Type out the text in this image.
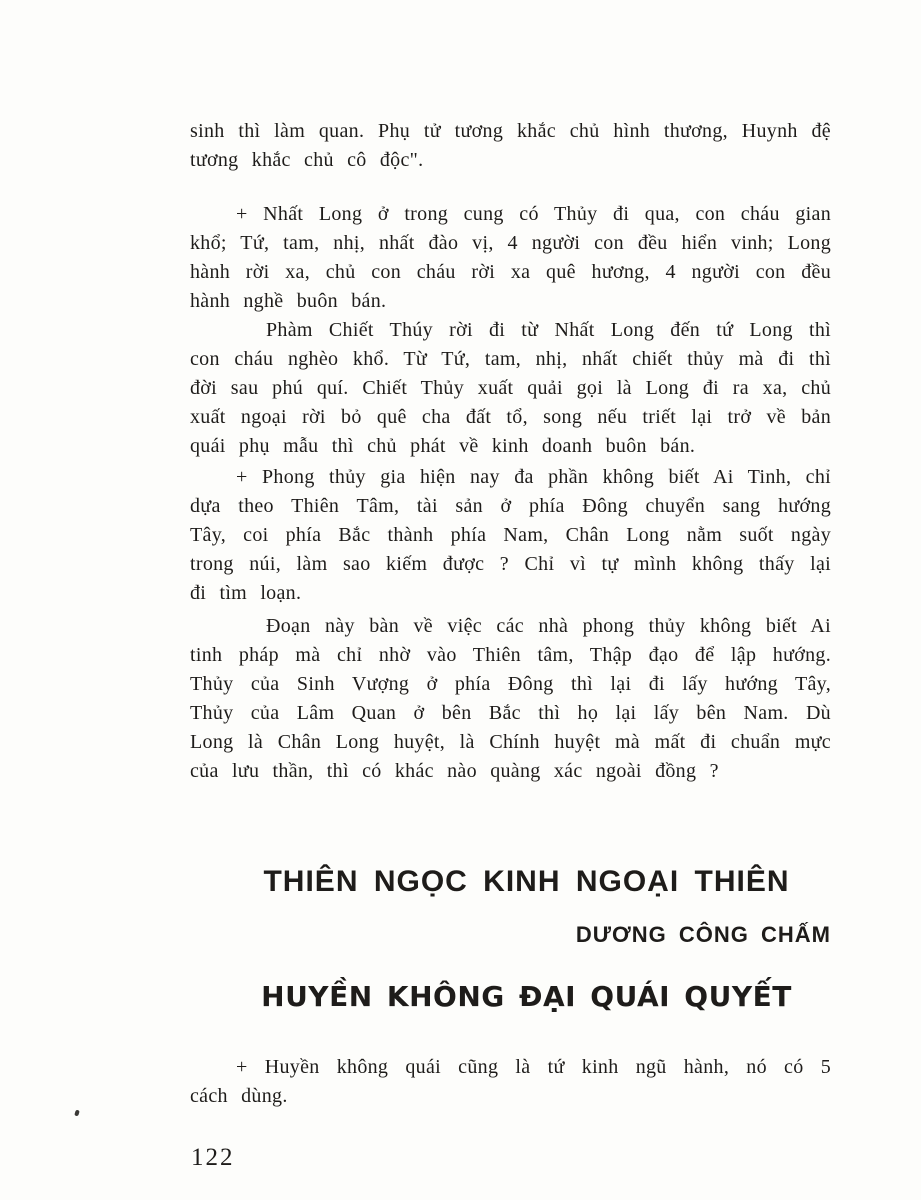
sinh thì làm quan. Phụ tử tương khắc chủ hình thương, Huynh đệ tương khắc chủ cô độc".

+ Nhất Long ở trong cung có Thủy đi qua, con cháu gian khổ; Tứ, tam, nhị, nhất đào vị, 4 người con đều hiển vinh; Long hành rời xa, chủ con cháu rời xa quê hương, 4 người con đều hành nghề buôn bán.

Phàm Chiết Thúy rời đi từ Nhất Long đến tứ Long thì con cháu nghèo khổ. Từ Tứ, tam, nhị, nhất chiết thủy mà đi thì đời sau phú quí. Chiết Thủy xuất quải gọi là Long đi ra xa, chủ xuất ngoại rời bỏ quê cha đất tổ, song nếu triết lại trở về bản quái phụ mẫu thì chủ phát về kinh doanh buôn bán.

+ Phong thủy gia hiện nay đa phần không biết Ai Tinh, chỉ dựa theo Thiên Tâm, tài sản ở phía Đông chuyển sang hướng Tây, coi phía Bắc thành phía Nam, Chân Long nằm suốt ngày trong núi, làm sao kiếm được ? Chỉ vì tự mình không thấy lại đi tìm loạn.

Đoạn này bàn về việc các nhà phong thủy không biết Ai tinh pháp mà chỉ nhờ vào Thiên tâm, Thập đạo để lập hướng. Thủy của Sinh Vượng ở phía Đông thì lại đi lấy hướng Tây, Thủy của Lâm Quan ở bên Bắc thì họ lại lấy bên Nam. Dù Long là Chân Long huyệt, là Chính huyệt mà mất đi chuẩn mực của lưu thần, thì có khác nào quàng xác ngoài đồng ?

THIÊN NGỌC KINH NGOẠI THIÊN
DƯƠNG CÔNG CHẤM
HUYỀN KHÔNG ĐẠI QUÁI QUYẾT

+ Huyền không quái cũng là tứ kinh ngũ hành, nó có 5 cách dùng.

122
